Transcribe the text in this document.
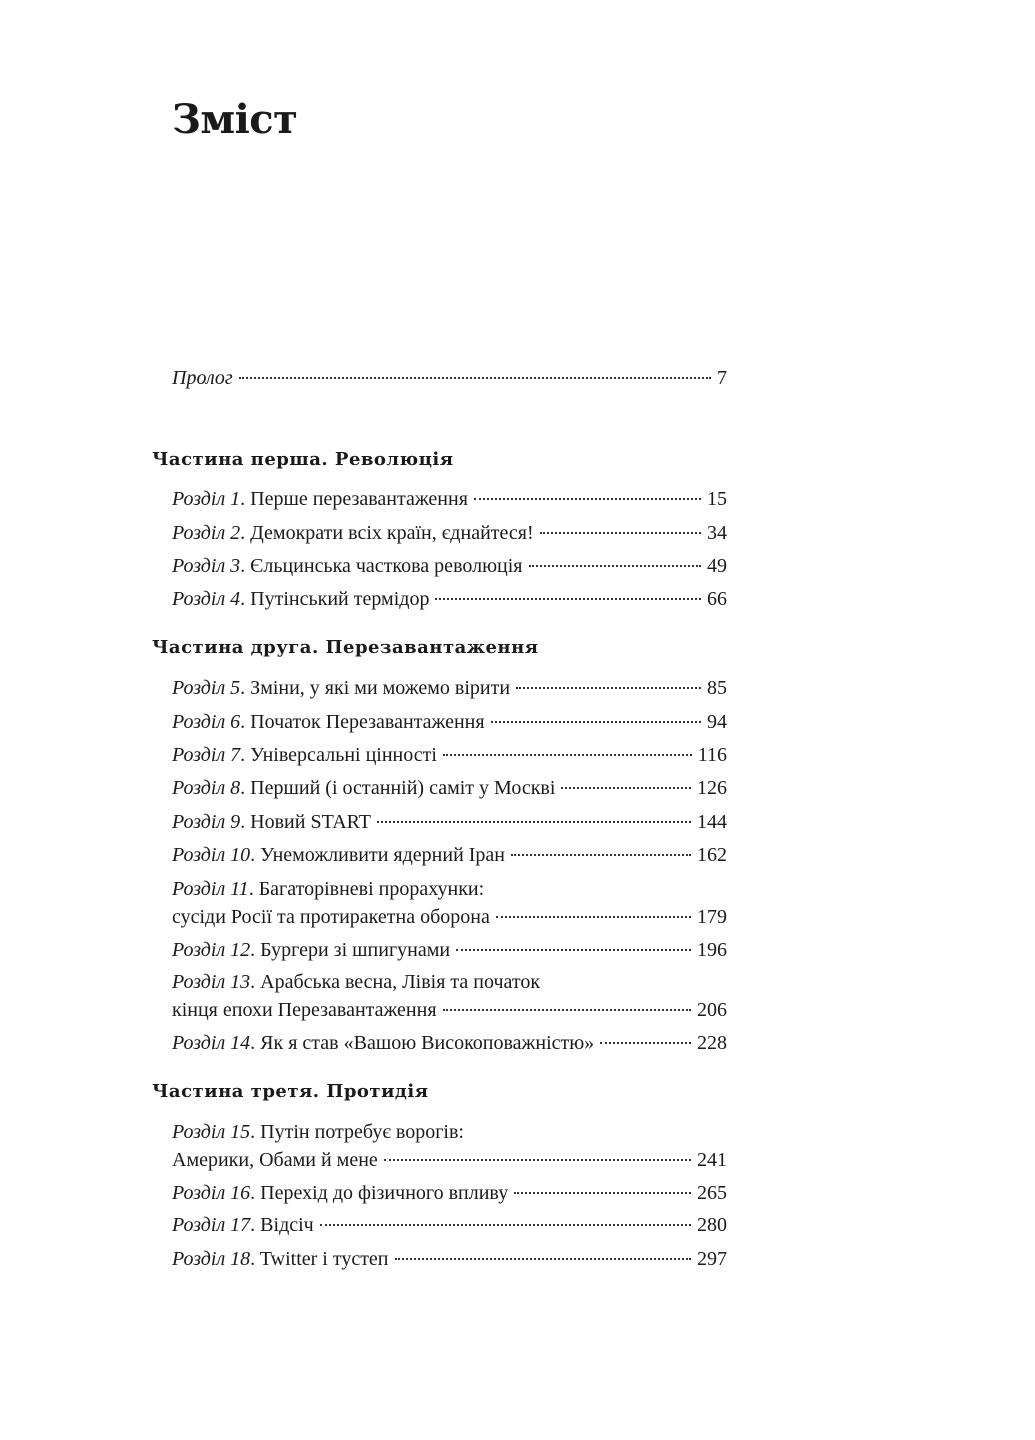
Зміст
Пролог	7
Частина перша. Революція
Розділ 1 . Перше перезавантаження	15
Розділ 2 . Демократи всіх країн, єднайтеся!	34
Розділ 3 . Єльцинська часткова революція	49
Розділ 4 . Путінський термідор	66
Частина друга. Перезавантаження
Розділ 5 . Зміни, у які ми можемо вірити	85
Розділ 6 . Початок Перезавантаження	94
Розділ 7 . Універсальні цінності	116
Розділ 8 . Перший (і останній) саміт у Москві	126
Розділ 9 . Новий START	144
Розділ 10 . Унеможливити ядерний Іран	162
Розділ 11 . Багаторівневі прорахунки:
сусіди Росії та протиракетна оборона	179
Розділ 12 . Бургери зі шпигунами	196
Розділ 13 . Арабська весна, Лівія та початок
кінця епохи Перезавантаження	206
Розділ 14 . Як я став «Вашою Високоповажністю»	228
Частина третя. Протидія
Розділ 15 . Путін потребує ворогів:
Америки, Обами й мене	241
Розділ 16 . Перехід до фізичного впливу	265
Розділ 17 . Відсіч	280
Розділ 18 . Twitter і тустеп	297
